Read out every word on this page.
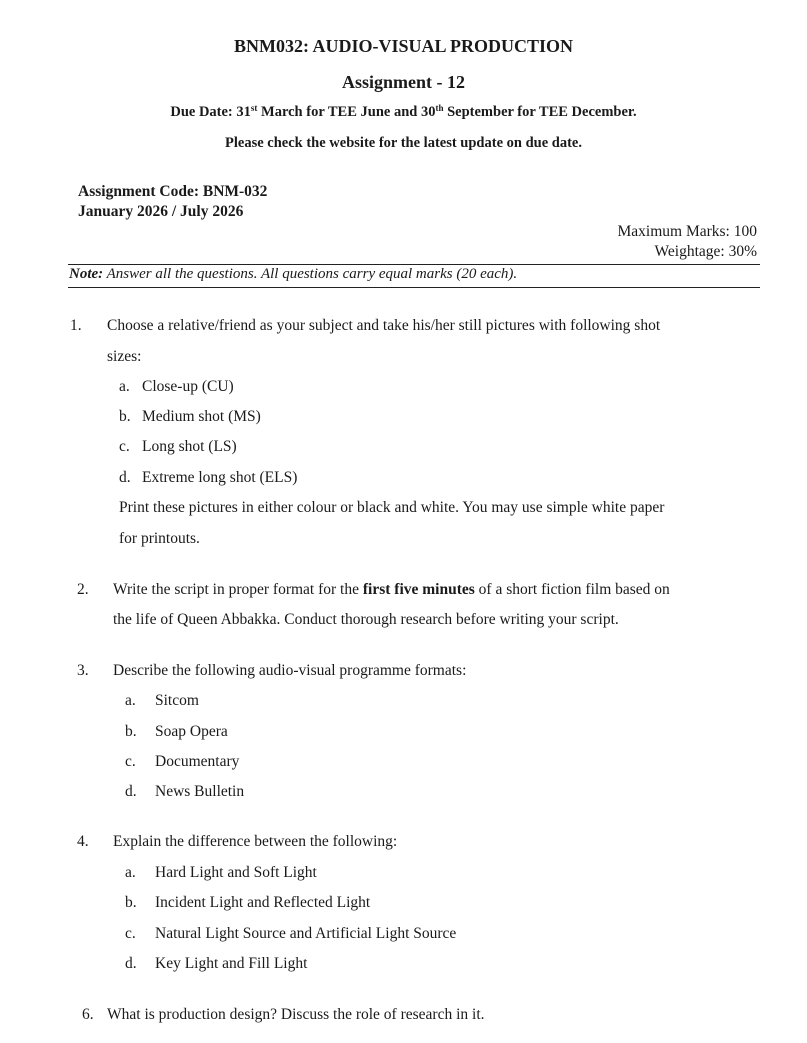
BNM032: AUDIO-VISUAL PRODUCTION
Assignment - 12
Due Date: 31st March for TEE June and 30th September for TEE December.
Please check the website for the latest update on due date.
Assignment Code: BNM-032
January 2026 / July 2026
Maximum Marks: 100
Weightage: 30%
Note: Answer all the questions. All questions carry equal marks (20 each).
1. Choose a relative/friend as your subject and take his/her still pictures with following shot
sizes:
a. Close-up (CU)
b. Medium shot (MS)
c. Long shot (LS)
d. Extreme long shot (ELS)
Print these pictures in either colour or black and white. You may use simple white paper
for printouts.
2. Write the script in proper format for the first five minutes of a short fiction film based on
the life of Queen Abbakka. Conduct thorough research before writing your script.
3. Describe the following audio-visual programme formats:
a. Sitcom
b. Soap Opera
c. Documentary
d. News Bulletin
4. Explain the difference between the following:
a. Hard Light and Soft Light
b. Incident Light and Reflected Light
c. Natural Light Source and Artificial Light Source
d. Key Light and Fill Light
6. What is production design? Discuss the role of research in it.
